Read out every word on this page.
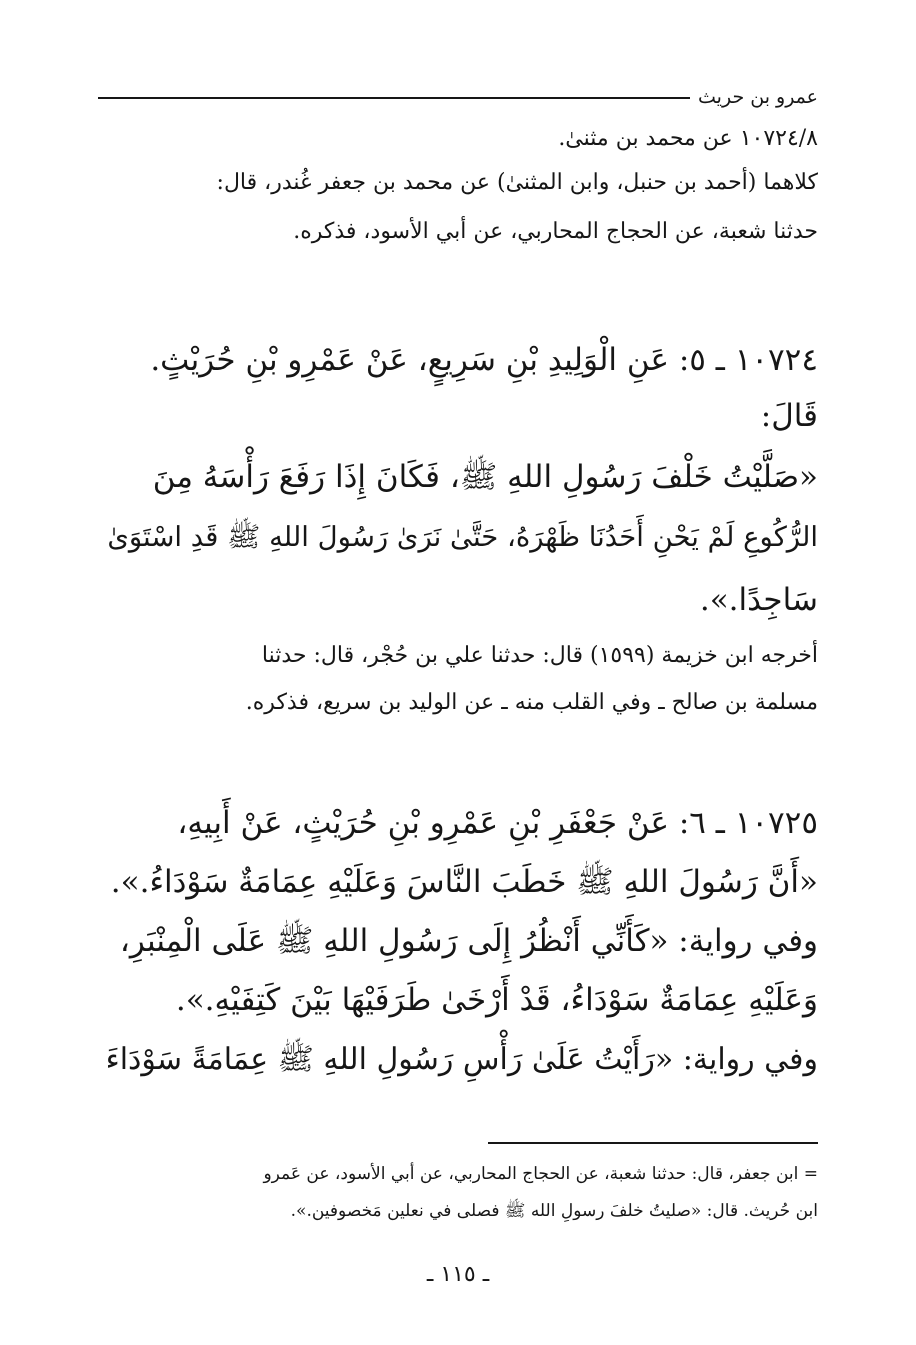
عمرو بن حريث
١٠٧٢٤/٨ عن محمد بن مثنىٰ.
كلاهما (أحمد بن حنبل، وابن المثنىٰ) عن محمد بن جعفر غُندر، قال:
حدثنا شعبة، عن الحجاج المحاربي، عن أبي الأسود، فذكره.
١٠٧٢٤ ـ ٥: عَنِ الْوَلِيدِ بْنِ سَرِيعٍ، عَنْ عَمْرِو بْنِ حُرَيْثٍ.
قَالَ:
«صَلَّيْتُ خَلْفَ رَسُولِ اللهِ ﷺ، فَكَانَ إِذَا رَفَعَ رَأْسَهُ مِنَ
الرُّكُوعِ لَمْ يَحْنِ أَحَدُنَا ظَهْرَهُ، حَتَّىٰ نَرَىٰ رَسُولَ اللهِ ﷺ قَدِ اسْتَوَىٰ
سَاجِدًا.».
أخرجه ابن خزيمة (١٥٩٩) قال: حدثنا علي بن حُجْر، قال: حدثنا
مسلمة بن صالح ـ وفي القلب منه ـ عن الوليد بن سريع، فذكره.
١٠٧٢٥ ـ ٦: عَنْ جَعْفَرِ بْنِ عَمْرِو بْنِ حُرَيْثٍ، عَنْ أَبِيهِ،
«أَنَّ رَسُولَ اللهِ ﷺ خَطَبَ النَّاسَ وَعَلَيْهِ عِمَامَةٌ سَوْدَاءُ.».
وفي رواية: «كَأَنِّي أَنْظُرُ إِلَى رَسُولِ اللهِ ﷺ عَلَى الْمِنْبَرِ،
وَعَلَيْهِ عِمَامَةٌ سَوْدَاءُ، قَدْ أَرْخَىٰ طَرَفَيْهَا بَيْنَ كَتِفَيْهِ.».
وفي رواية: «رَأَيْتُ عَلَىٰ رَأْسِ رَسُولِ اللهِ ﷺ عِمَامَةً سَوْدَاءَ
= ابن جعفر، قال: حدثنا شعبة، عن الحجاج المحاربي، عن أبي الأسود، عن عَمرو
ابن حُريث. قال: «صليتُ خلفَ رسولِ الله ﷺ فصلى في نعلين مَخصوفين.».
ـ ١١٥ ـ
